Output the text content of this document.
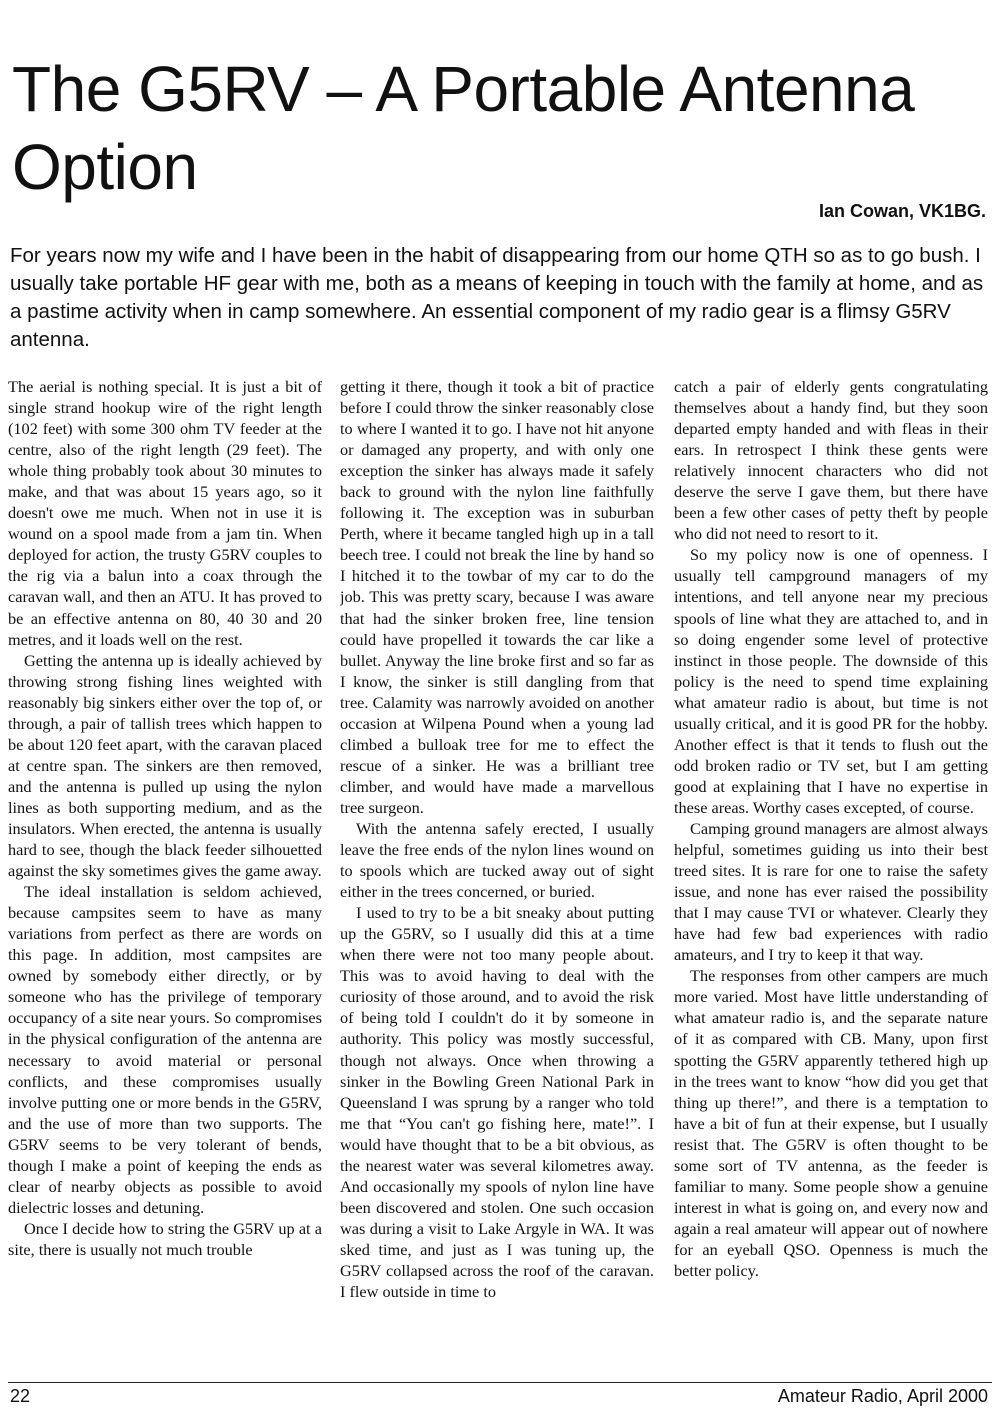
The G5RV – A Portable Antenna Option
Ian Cowan, VK1BG.

For years now my wife and I have been in the habit of disappearing from our home QTH so as to go bush. I usually take portable HF gear with me, both as a means of keeping in touch with the family at home, and as a pastime activity when in camp somewhere. An essential component of my radio gear is a flimsy G5RV antenna.

The aerial is nothing special. It is just a bit of single strand hookup wire of the right length (102 feet) with some 300 ohm TV feeder at the centre, also of the right length (29 feet). The whole thing probably took about 30 minutes to make, and that was about 15 years ago, so it doesn't owe me much. When not in use it is wound on a spool made from a jam tin. When deployed for action, the trusty G5RV couples to the rig via a balun into a coax through the caravan wall, and then an ATU. It has proved to be an effective antenna on 80, 40 30 and 20 metres, and it loads well on the rest.

Getting the antenna up is ideally achieved by throwing strong fishing lines weighted with reasonably big sinkers either over the top of, or through, a pair of tallish trees which happen to be about 120 feet apart, with the caravan placed at centre span. The sinkers are then removed, and the antenna is pulled up using the nylon lines as both supporting medium, and as the insulators. When erected, the antenna is usually hard to see, though the black feeder silhouetted against the sky sometimes gives the game away.

The ideal installation is seldom achieved, because campsites seem to have as many variations from perfect as there are words on this page. In addition, most campsites are owned by somebody either directly, or by someone who has the privilege of temporary occupancy of a site near yours. So compromises in the physical configuration of the antenna are necessary to avoid material or personal conflicts, and these compromises usually involve putting one or more bends in the G5RV, and the use of more than two supports. The G5RV seems to be very tolerant of bends, though I make a point of keeping the ends as clear of nearby objects as possible to avoid dielectric losses and detuning.

Once I decide how to string the G5RV up at a site, there is usually not much trouble

getting it there, though it took a bit of practice before I could throw the sinker reasonably close to where I wanted it to go. I have not hit anyone or damaged any property, and with only one exception the sinker has always made it safely back to ground with the nylon line faithfully following it. The exception was in suburban Perth, where it became tangled high up in a tall beech tree. I could not break the line by hand so I hitched it to the towbar of my car to do the job. This was pretty scary, because I was aware that had the sinker broken free, line tension could have propelled it towards the car like a bullet. Anyway the line broke first and so far as I know, the sinker is still dangling from that tree. Calamity was narrowly avoided on another occasion at Wilpena Pound when a young lad climbed a bulloak tree for me to effect the rescue of a sinker. He was a brilliant tree climber, and would have made a marvellous tree surgeon.

With the antenna safely erected, I usually leave the free ends of the nylon lines wound on to spools which are tucked away out of sight either in the trees concerned, or buried.

I used to try to be a bit sneaky about putting up the G5RV, so I usually did this at a time when there were not too many people about. This was to avoid having to deal with the curiosity of those around, and to avoid the risk of being told I couldn't do it by someone in authority. This policy was mostly successful, though not always. Once when throwing a sinker in the Bowling Green National Park in Queensland I was sprung by a ranger who told me that “You can't go fishing here, mate!”. I would have thought that to be a bit obvious, as the nearest water was several kilometres away. And occasionally my spools of nylon line have been discovered and stolen. One such occasion was during a visit to Lake Argyle in WA. It was sked time, and just as I was tuning up, the G5RV collapsed across the roof of the caravan. I flew outside in time to

catch a pair of elderly gents congratulating themselves about a handy find, but they soon departed empty handed and with fleas in their ears. In retrospect I think these gents were relatively innocent characters who did not deserve the serve I gave them, but there have been a few other cases of petty theft by people who did not need to resort to it.

So my policy now is one of openness. I usually tell campground managers of my intentions, and tell anyone near my precious spools of line what they are attached to, and in so doing engender some level of protective instinct in those people. The downside of this policy is the need to spend time explaining what amateur radio is about, but time is not usually critical, and it is good PR for the hobby. Another effect is that it tends to flush out the odd broken radio or TV set, but I am getting good at explaining that I have no expertise in these areas. Worthy cases excepted, of course.

Camping ground managers are almost always helpful, sometimes guiding us into their best treed sites. It is rare for one to raise the safety issue, and none has ever raised the possibility that I may cause TVI or whatever. Clearly they have had few bad experiences with radio amateurs, and I try to keep it that way.

The responses from other campers are much more varied. Most have little understanding of what amateur radio is, and the separate nature of it as compared with CB. Many, upon first spotting the G5RV apparently tethered high up in the trees want to know “how did you get that thing up there!”, and there is a temptation to have a bit of fun at their expense, but I usually resist that. The G5RV is often thought to be some sort of TV antenna, as the feeder is familiar to many. Some people show a genuine interest in what is going on, and every now and again a real amateur will appear out of nowhere for an eyeball QSO. Openness is much the better policy.

22	Amateur Radio, April 2000
